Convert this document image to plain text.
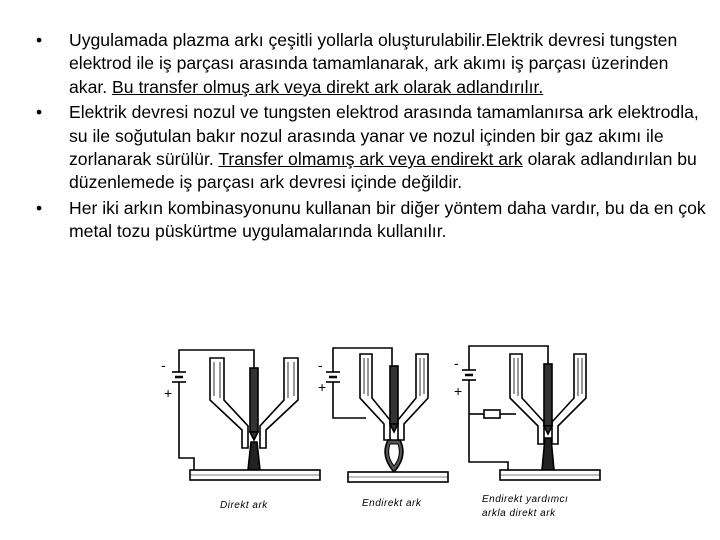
•	Uygulamada plazma arkı çeşitli yollarla oluşturulabilir.Elektrik devresi tungsten elektrod ile iş parçası arasında tamamlanarak, ark akımı iş parçası üzerinden akar. Bu transfer olmuş ark veya direkt ark olarak adlandırılır.
•	Elektrik devresi nozul ve tungsten elektrod arasında tamamlanırsa ark elektrodla, su ile soğutulan bakır nozul arasında yanar ve nozul içinden bir gaz akımı ile zorlanarak sürülür. Transfer olmamış ark veya endirekt ark olarak adlandırılan bu düzenlemede iş parçası ark devresi içinde değildir.
•	Her iki arkın kombinasyonunu kullanan bir diğer yöntem daha vardır, bu da en çok metal tozu püskürtme uygulamalarında kullanılır.
-
+
Direkt ark
-
+
Endirekt ark
-
+
Endirekt yardımcı
arkla direkt ark
